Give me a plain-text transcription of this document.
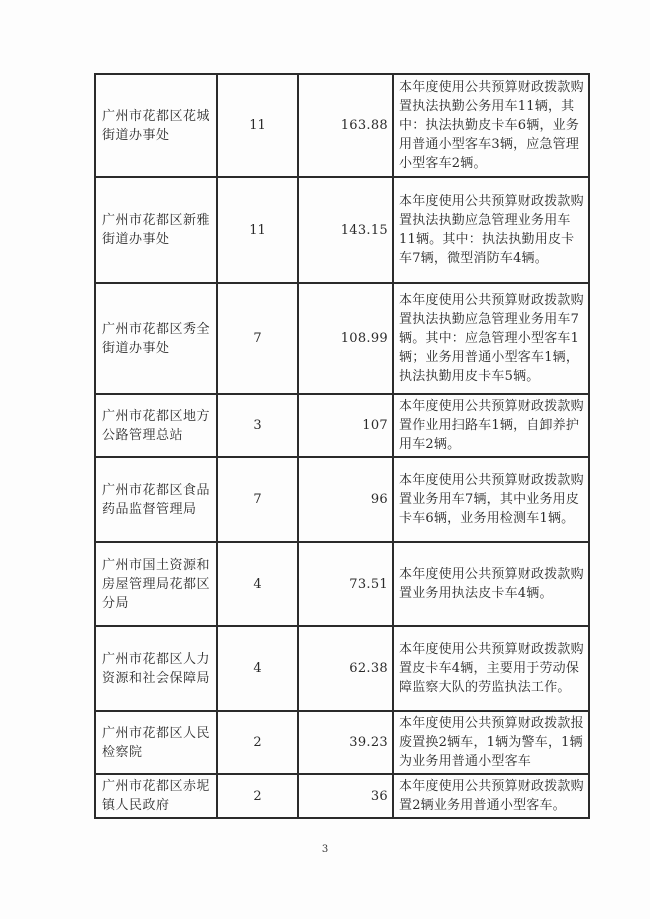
广州市花都区花城街道办事处	11	163.88	本年度使用公共预算财政拨款购置执法执勤公务用车11辆，其中：执法执勤皮卡车6辆，业务用普通小型客车3辆，应急管理小型客车2辆。
广州市花都区新雅街道办事处	11	143.15	本年度使用公共预算财政拨款购置执法执勤应急管理业务用车11辆。其中：执法执勤用皮卡车7辆，微型消防车4辆。
广州市花都区秀全街道办事处	7	108.99	本年度使用公共预算财政拨款购置执法执勤应急管理业务用车7辆。其中：应急管理小型客车1辆；业务用普通小型客车1辆，执法执勤用皮卡车5辆。
广州市花都区地方公路管理总站	3	107	本年度使用公共预算财政拨款购置作业用扫路车1辆，自卸养护用车2辆。
广州市花都区食品药品监督管理局	7	96	本年度使用公共预算财政拨款购置业务用车7辆，其中业务用皮卡车6辆，业务用检测车1辆。
广州市国土资源和房屋管理局花都区分局	4	73.51	本年度使用公共预算财政拨款购置业务用执法皮卡车4辆。
广州市花都区人力资源和社会保障局	4	62.38	本年度使用公共预算财政拨款购置皮卡车4辆，主要用于劳动保障监察大队的劳监执法工作。
广州市花都区人民检察院	2	39.23	本年度使用公共预算财政拨款报废置换2辆车，1辆为警车，1辆为业务用普通小型客车
广州市花都区赤坭镇人民政府	2	36	本年度使用公共预算财政拨款购置2辆业务用普通小型客车。
3
